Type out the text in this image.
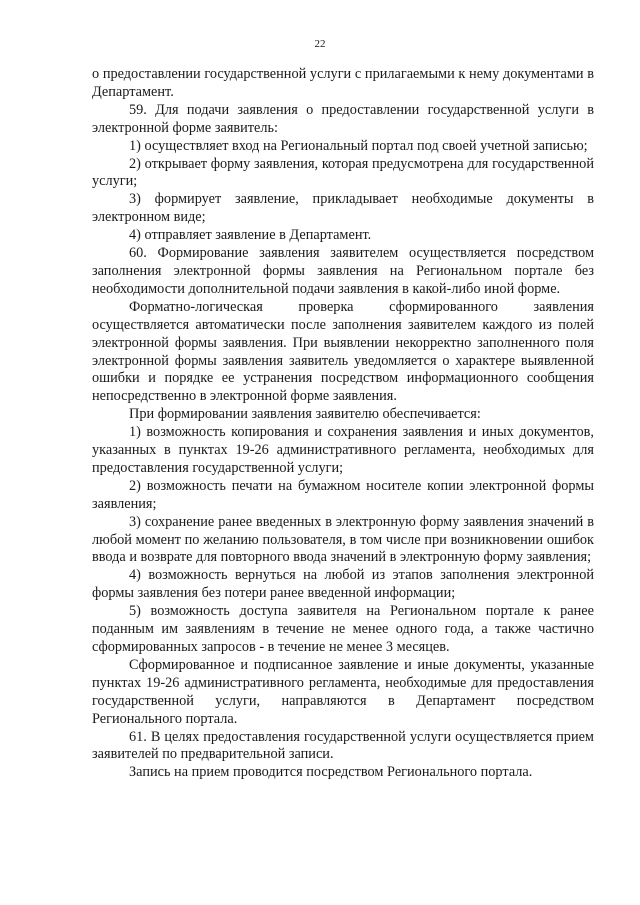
22

о предоставлении государственной услуги с прилагаемыми к нему документами в Департамент.

59. Для подачи заявления о предоставлении государственной услуги в электронной форме заявитель:

1) осуществляет вход на Региональный портал под своей учетной записью;

2) открывает форму заявления, которая предусмотрена для государственной услуги;

3) формирует заявление, прикладывает необходимые документы в электронном виде;

4) отправляет заявление в Департамент.

60. Формирование заявления заявителем осуществляется посредством заполнения электронной формы заявления на Региональном портале без необходимости дополнительной подачи заявления в какой-либо иной форме.

Форматно-логическая проверка сформированного заявления осуществляется автоматически после заполнения заявителем каждого из полей электронной формы заявления. При выявлении некорректно заполненного поля электронной формы заявления заявитель уведомляется о характере выявленной ошибки и порядке ее устранения посредством информационного сообщения непосредственно в электронной форме заявления.

При формировании заявления заявителю обеспечивается:

1) возможность копирования и сохранения заявления и иных документов, указанных в пунктах 19-26 административного регламента, необходимых для предоставления государственной услуги;

2) возможность печати на бумажном носителе копии электронной формы заявления;

3) сохранение ранее введенных в электронную форму заявления значений в любой момент по желанию пользователя, в том числе при возникновении ошибок ввода и возврате для повторного ввода значений в электронную форму заявления;

4) возможность вернуться на любой из этапов заполнения электронной формы заявления без потери ранее введенной информации;

5) возможность доступа заявителя на Региональном портале к ранее поданным им заявлениям в течение не менее одного года, а также частично сформированных запросов - в течение не менее 3 месяцев.

Сформированное и подписанное заявление и иные документы, указанные пунктах 19-26 административного регламента, необходимые для предоставления государственной услуги, направляются в Департамент посредством Регионального портала.

61. В целях предоставления государственной услуги осуществляется прием заявителей по предварительной записи.

Запись на прием проводится посредством Регионального портала.
